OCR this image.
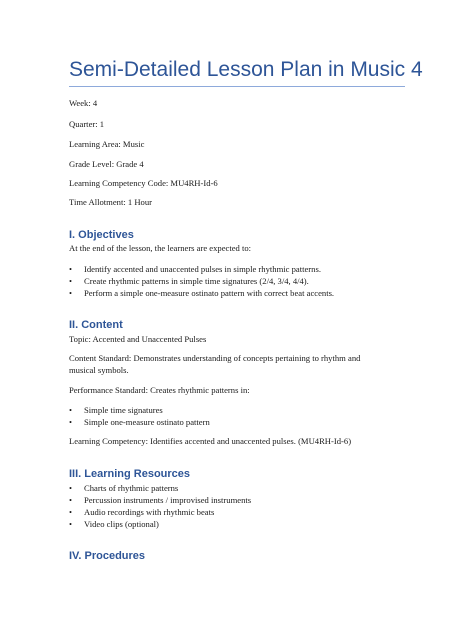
Semi-Detailed Lesson Plan in Music 4
Week: 4
Quarter: 1
Learning Area: Music
Grade Level: Grade 4
Learning Competency Code: MU4RH-Id-6
Time Allotment: 1 Hour
I. Objectives
At the end of the lesson, the learners are expected to:
• Identify accented and unaccented pulses in simple rhythmic patterns.
• Create rhythmic patterns in simple time signatures (2/4, 3/4, 4/4).
• Perform a simple one-measure ostinato pattern with correct beat accents.
II. Content
Topic: Accented and Unaccented Pulses
Content Standard: Demonstrates understanding of concepts pertaining to rhythm and
musical symbols.
Performance Standard: Creates rhythmic patterns in:
• Simple time signatures
• Simple one-measure ostinato pattern
Learning Competency: Identifies accented and unaccented pulses. (MU4RH-Id-6)
III. Learning Resources
• Charts of rhythmic patterns
• Percussion instruments / improvised instruments
• Audio recordings with rhythmic beats
• Video clips (optional)
IV. Procedures
